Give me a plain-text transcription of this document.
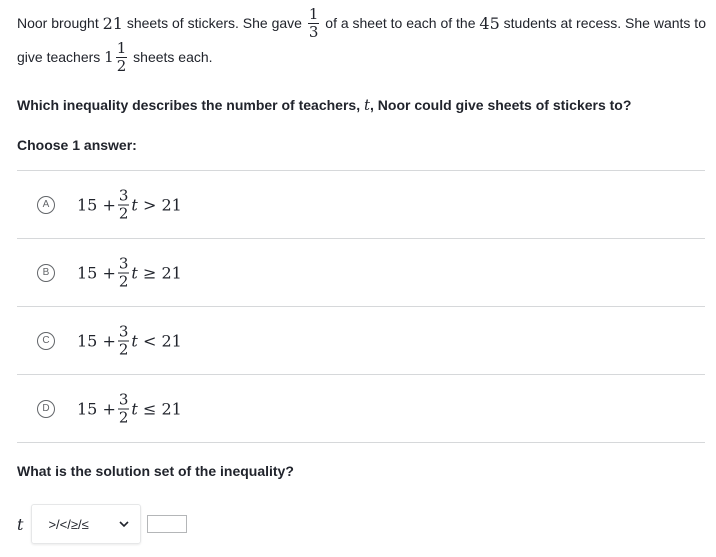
Noor brought
21
sheets of stickers. She gave
$\frac{1}{3}$
of a sheet to each of the
45
students at recess. She wants to
give teachers
$1 \frac{1}{2}$
sheets each.
Which inequality describes the number of teachers, t, Noor could give sheets of stickers to?
Choose 1 answer:
A	$15 + \frac{3}{2}$ t
>
21
B	$15 + \frac{3}{2}$ t
≥
21
C	$15 + \frac{3}{2}$ t
<
21
D	$15 + \frac{3}{2}$ t
≤
21
What is the solution set of the inequality?
t >/</≥/≤
